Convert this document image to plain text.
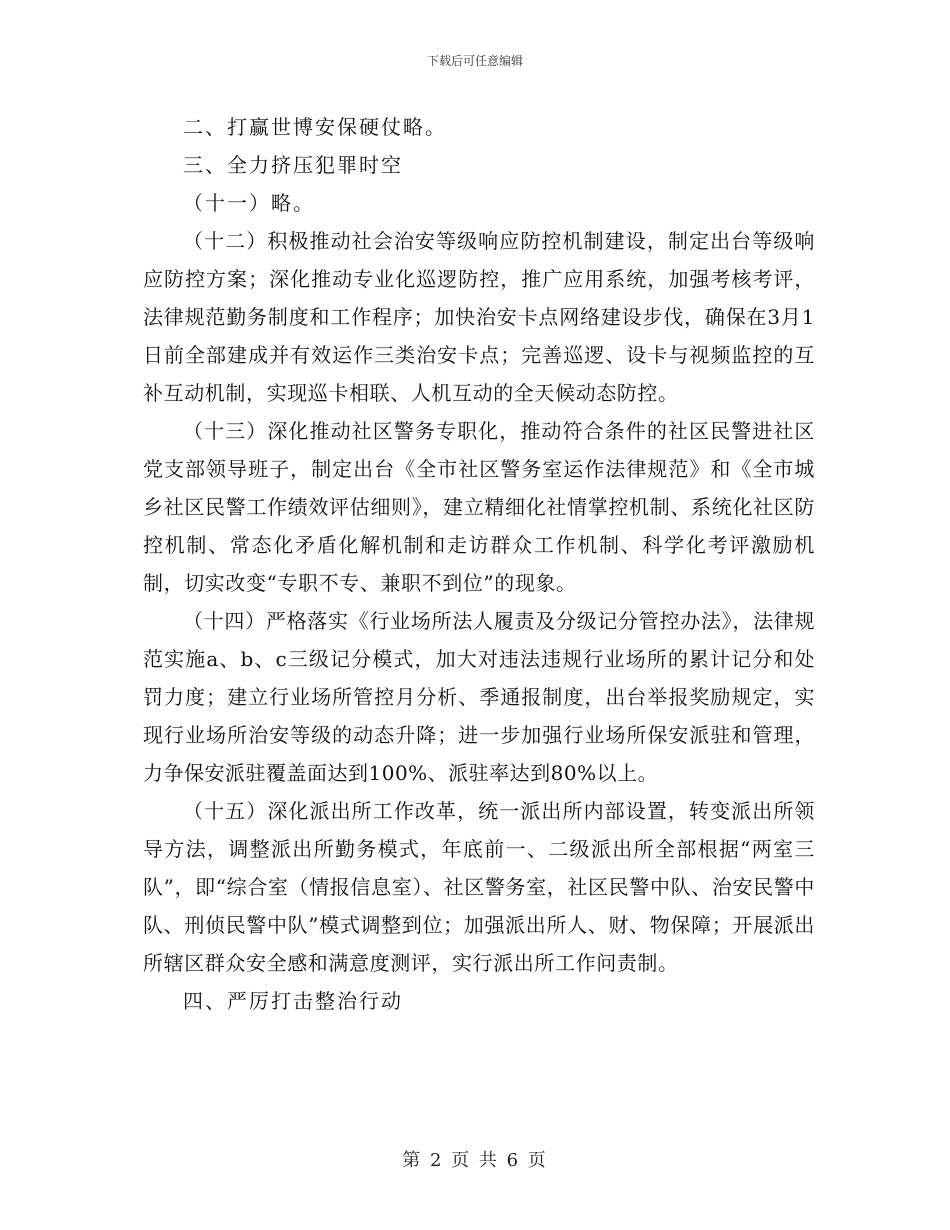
下载后可任意编辑

二、打赢世博安保硬仗略。

三、全力挤压犯罪时空

（十一）略。

（十二）积极推动社会治安等级响应防控机制建设，制定出台等级响应防控方案；深化推动专业化巡逻防控，推广应用系统，加强考核考评，法律规范勤务制度和工作程序；加快治安卡点网络建设步伐，确保在3月1日前全部建成并有效运作三类治安卡点；完善巡逻、设卡与视频监控的互补互动机制，实现巡卡相联、人机互动的全天候动态防控。

（十三）深化推动社区警务专职化，推动符合条件的社区民警进社区党支部领导班子，制定出台《全市社区警务室运作法律规范》和《全市城乡社区民警工作绩效评估细则》，建立精细化社情掌控机制、系统化社区防控机制、常态化矛盾化解机制和走访群众工作机制、科学化考评激励机制，切实改变“专职不专、兼职不到位”的现象。

（十四）严格落实《行业场所法人履责及分级记分管控办法》，法律规范实施a、b、c三级记分模式，加大对违法违规行业场所的累计记分和处罚力度；建立行业场所管控月分析、季通报制度，出台举报奖励规定，实现行业场所治安等级的动态升降；进一步加强行业场所保安派驻和管理，力争保安派驻覆盖面达到100%、派驻率达到80%以上。

（十五）深化派出所工作改革，统一派出所内部设置，转变派出所领导方法，调整派出所勤务模式，年底前一、二级派出所全部根据“两室三队”，即“综合室（情报信息室）、社区警务室，社区民警中队、治安民警中队、刑侦民警中队”模式调整到位；加强派出所人、财、物保障；开展派出所辖区群众安全感和满意度测评，实行派出所工作问责制。

四、严厉打击整治行动

第 2 页 共 6 页
